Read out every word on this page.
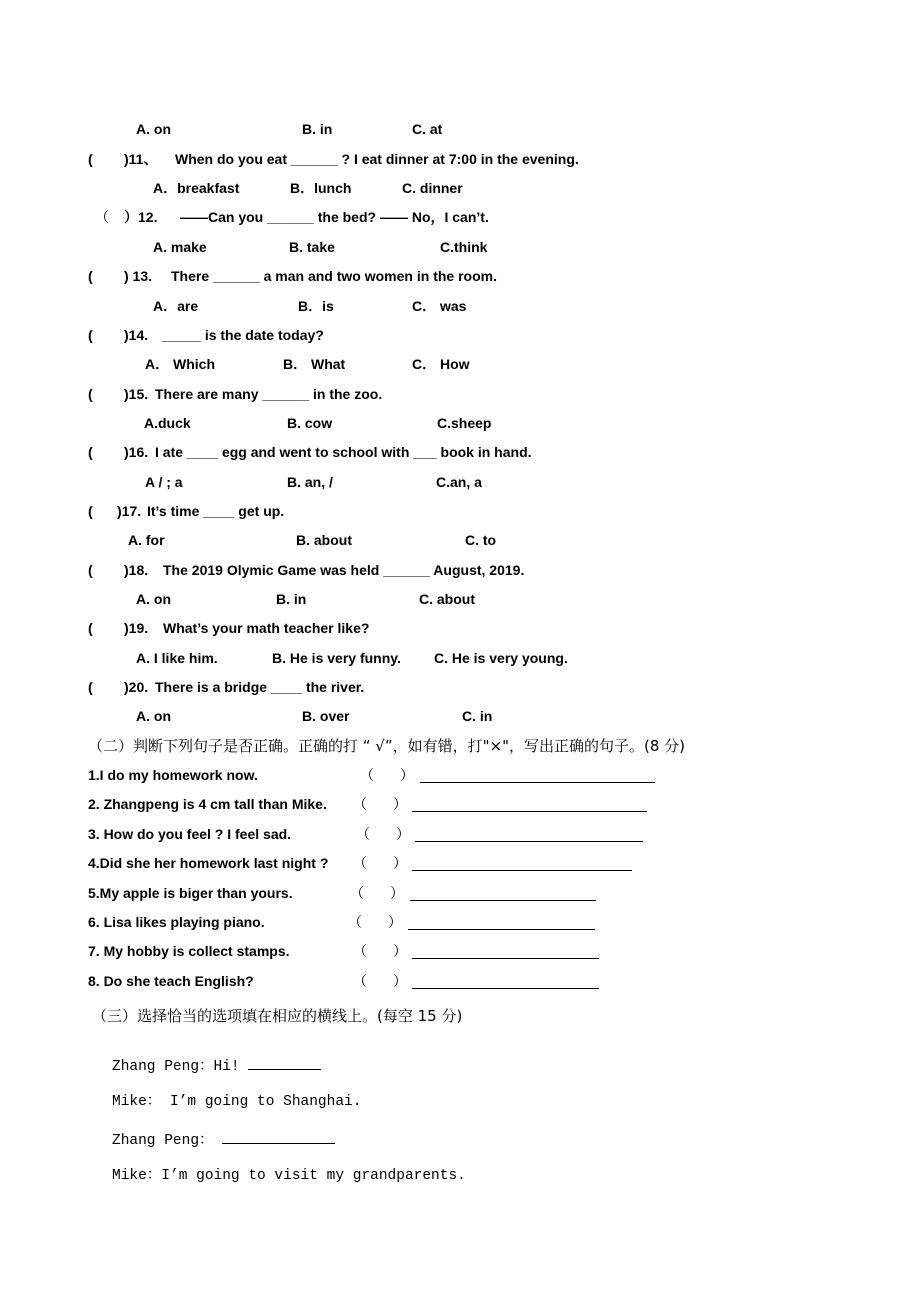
A. on	B. in	C. at
( )11、 When do you eat ______ ? I eat dinner at 7:00 in the evening.
A．breakfast	B．lunch	C. dinner
（ ）12. ——Can you ______ the bed? —— No，I can’t.
A. make	B. take	C.think
( ) 13. There ______ a man and two women in the room.
A．are	B．is	C． was
( )14. _____ is the date today?
A． Which	B． What	C． How
( )15. There are many ______ in the zoo.
A.duck	B. cow	C.sheep
( )16. I ate ____ egg and went to school with ___ book in hand.
A / ; a	B. an, /	C.an, a
( )17. It’s time ____ get up.
A. for	B. about	C. to
( )18. The 2019 Olymic Game was held ______ August, 2019.
A. on	B. in	C. about
( )19. What’s your math teacher like?
A. I like him.	B. He is very funny. C. He is very young.
( )20. There is a bridge ____ the river.
A. on	B. over	C. in
（二）判断下列句子是否正确。正确的打 “ √”，如有错，打"×"，写出正确的句子。(8 分)
1.I do my homework now.	（ ）
2. Zhangpeng is 4 cm tall than Mike. （ ）
3. How do you feel ? I feel sad.	（ ）
4.Did she her homework last night ? （ ）
5.My apple is biger than yours.	（ ）
6. Lisa likes playing piano.	（ ）
7. My hobby is collect stamps.	（ ）
8. Do she teach English?	（ ）
（三）选择恰当的选项填在相应的横线上。(每空 15 分)
Zhang Peng：Hi!
Mike： I’m going to Shanghai.
Zhang Peng：
Mike：I’m going to visit my grandparents.
